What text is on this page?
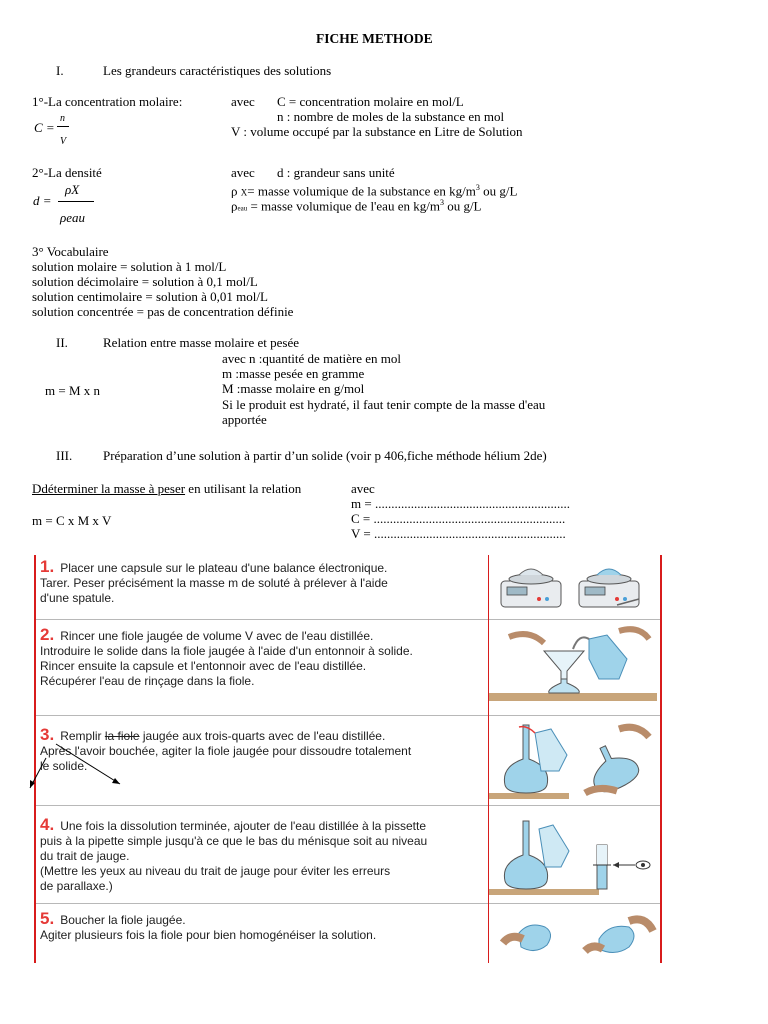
FICHE METHODE
I.	Les grandeurs caractéristiques des solutions
1°-La concentration molaire:
C =
n
V
avec C = concentration molaire en mol/L
n : nombre de moles de la substance en mol
V : volume occupé par la substance en Litre de Solution
2°-La densité
d =
ρX
ρeau
avec d : grandeur sans unité
ρ X= masse volumique de la substance en $kg/m^3$ ou g/L
ρeau = masse volumique de l'eau en $kg/m^3$ ou g/L
3° Vocabulaire
solution molaire = solution à 1 mol/L
solution décimolaire = solution à 0,1 mol/L
solution centimolaire = solution à 0,01 mol/L
solution concentrée = pas de concentration définie
II.	Relation entre masse molaire et pesée
avec n :quantité de matière en mol
m :masse pesée en gramme
m = M x n	M :masse molaire en g/mol
Si le produit est hydraté, il faut tenir compte de la masse d'eau
apportée
III. Préparation d’une solution à partir d’un solide (voir p 406,fiche méthode hélium 2de)
Ddéterminer la masse à peser en utilisant la relation	avec
m = ............................................................
m = C x M x V	C = ...........................................................
V = ...........................................................
1. Placer une capsule sur le plateau d'une balance électronique.
Tarer. Peser précisément la masse m de soluté à prélever à l'aide
d'une spatule.
2. Rincer une fiole jaugée de volume V avec de l'eau distillée.
Introduire le solide dans la fiole jaugée à l'aide d'un entonnoir à solide.
Rincer ensuite la capsule et l'entonnoir avec de l'eau distillée.
Récupérer l'eau de rinçage dans la fiole.
3. Remplir la fiole jaugée aux trois-quarts avec de l'eau distillée.
Après l'avoir bouchée, agiter la fiole jaugée pour dissoudre totalement
le solide.
4. Une fois la dissolution terminée, ajouter de l'eau distillée à la pissette
puis à la pipette simple jusqu'à ce que le bas du ménisque soit au niveau
du trait de jauge.
(Mettre les yeux au niveau du trait de jauge pour éviter les erreurs
de parallaxe.)
5. Boucher la fiole jaugée.
Agiter plusieurs fois la fiole pour bien homogénéiser la solution.
